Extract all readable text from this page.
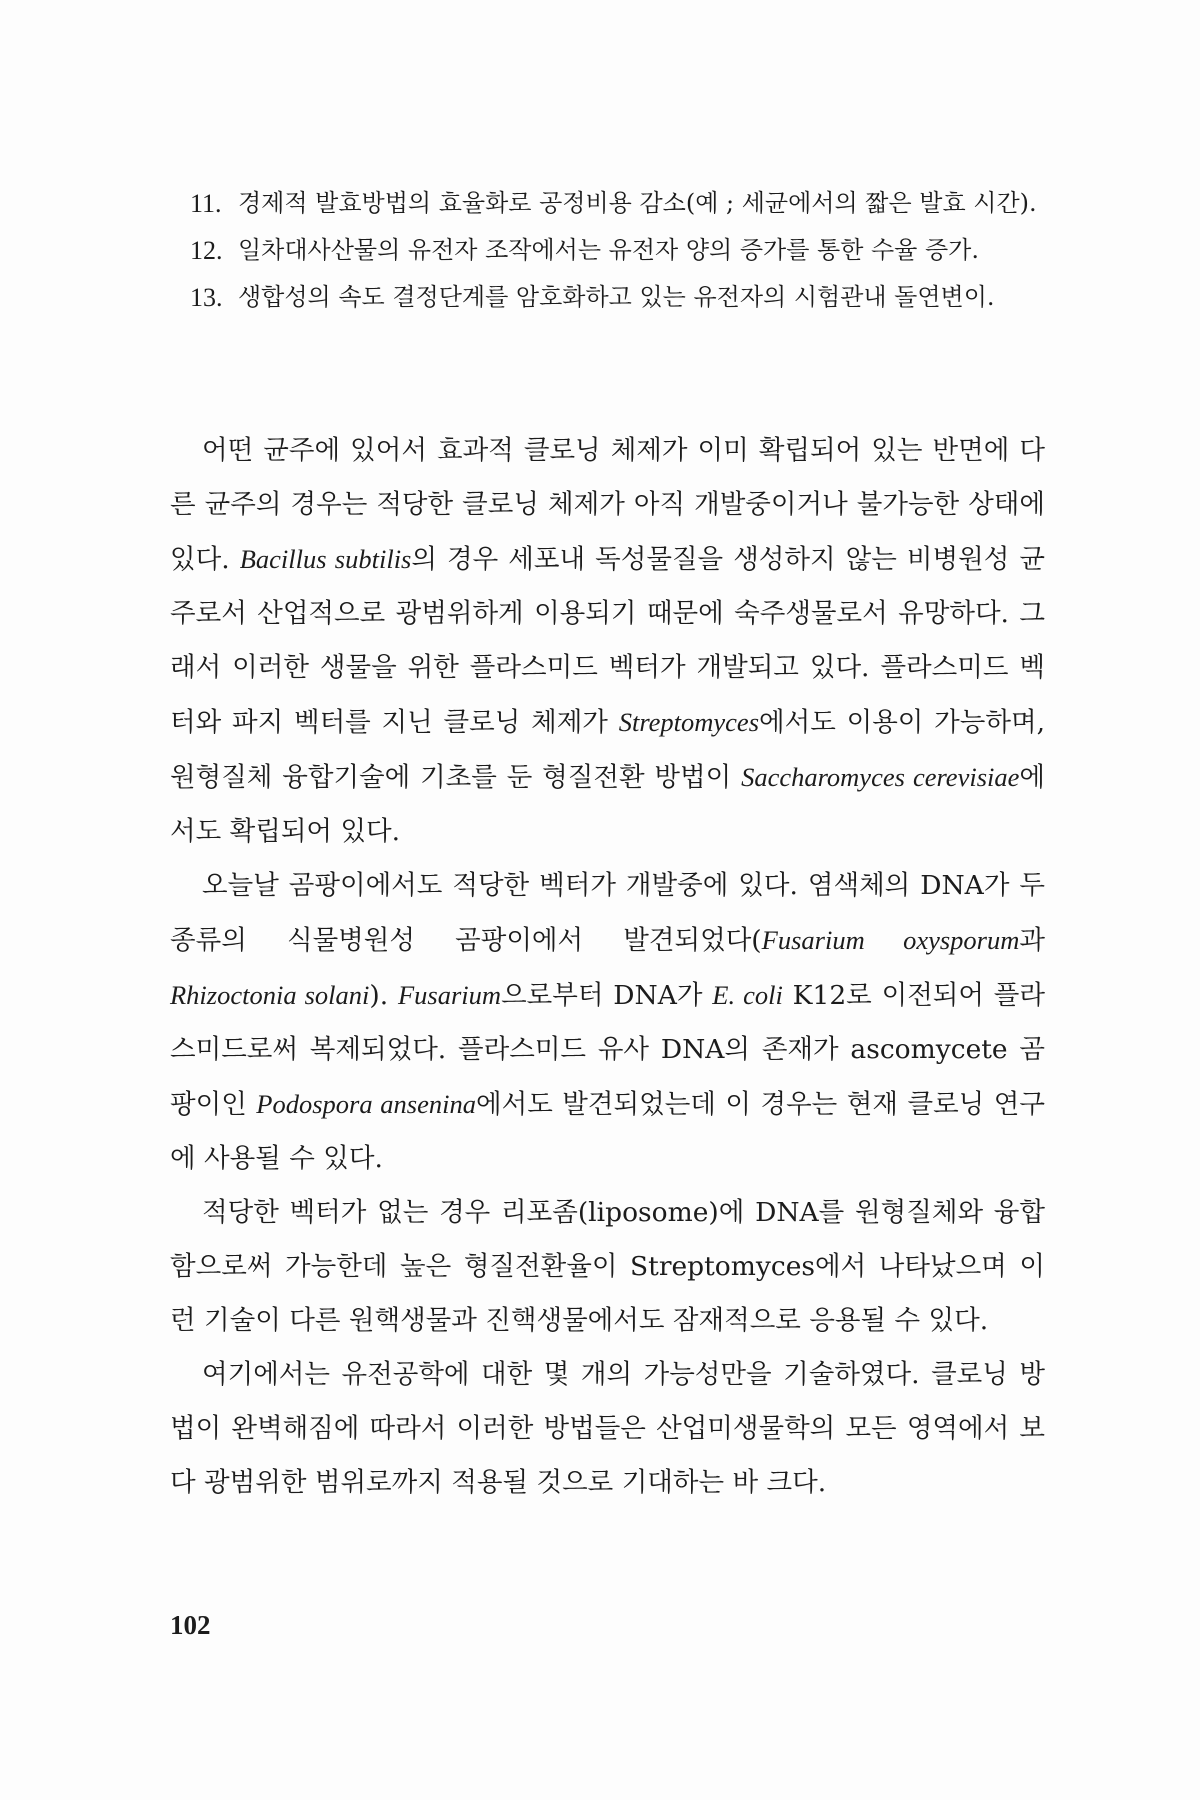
11. 경제적 발효방법의 효율화로 공정비용 감소(예 ; 세균에서의 짧은 발효 시간).
12. 일차대사산물의 유전자 조작에서는 유전자 양의 증가를 통한 수율 증가.
13. 생합성의 속도 결정단계를 암호화하고 있는 유전자의 시험관내 돌연변이.

어떤 균주에 있어서 효과적 클로닝 체제가 이미 확립되어 있는 반면에 다른 균주의 경우는 적당한 클로닝 체제가 아직 개발중이거나 불가능한 상태에 있다. Bacillus subtilis의 경우 세포내 독성물질을 생성하지 않는 비병원성 균주로서 산업적으로 광범위하게 이용되기 때문에 숙주생물로서 유망하다. 그래서 이러한 생물을 위한 플라스미드 벡터가 개발되고 있다. 플라스미드 벡터와 파지 벡터를 지닌 클로닝 체제가 Streptomyces에서도 이용이 가능하며, 원형질체 융합기술에 기초를 둔 형질전환 방법이 Saccharomyces cerevisiae에서도 확립되어 있다.

오늘날 곰팡이에서도 적당한 벡터가 개발중에 있다. 염색체의 DNA가 두 종류의 식물병원성 곰팡이에서 발견되었다(Fusarium oxysporum과 Rhizoctonia solani). Fusarium으로부터 DNA가 E. coli K12로 이전되어 플라스미드로써 복제되었다. 플라스미드 유사 DNA의 존재가 ascomycete 곰팡이인 Podospora ansenina에서도 발견되었는데 이 경우는 현재 클로닝 연구에 사용될 수 있다.

적당한 벡터가 없는 경우 리포좀(liposome)에 DNA를 원형질체와 융합함으로써 가능한데 높은 형질전환율이 Streptomyces에서 나타났으며 이런 기술이 다른 원핵생물과 진핵생물에서도 잠재적으로 응용될 수 있다.

여기에서는 유전공학에 대한 몇 개의 가능성만을 기술하였다. 클로닝 방법이 완벽해짐에 따라서 이러한 방법들은 산업미생물학의 모든 영역에서 보다 광범위한 범위로까지 적용될 것으로 기대하는 바 크다.

102
